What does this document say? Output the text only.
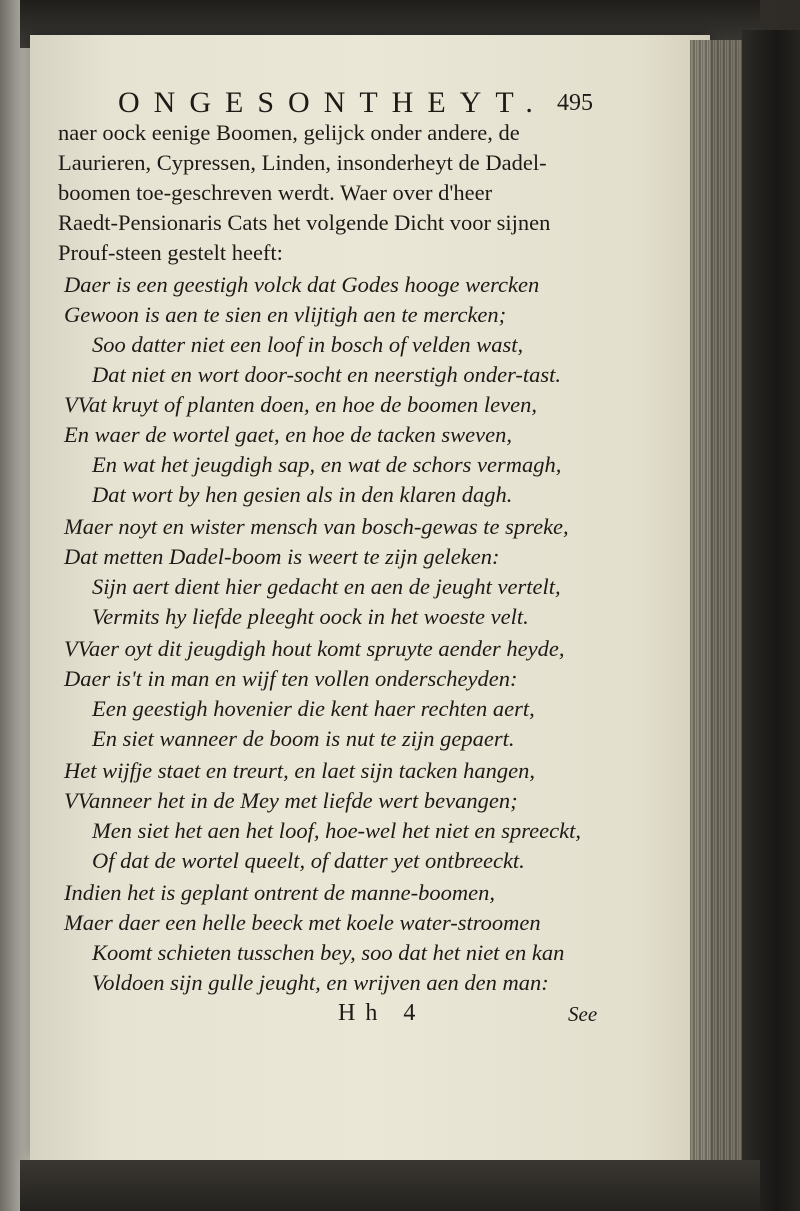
ONGESONTHEYT. 495
naer oock eenige Boomen, gelijck onder andere, de
Laurieren, Cypressen, Linden, insonderheyt de Dadel-
boomen toe-geschreven werdt. Waer over d'heer
Raedt-Pensionaris Cats het volgende Dicht voor sijnen
Prouf-steen gestelt heeft:
Daer is een geestigh volck dat Godes hooge wercken
Gewoon is aen te sien en vlijtigh aen te mercken;
Soo datter niet een loof in bosch of velden wast,
Dat niet en wort door-socht en neerstigh onder-tast.
VVat kruyt of planten doen, en hoe de boomen leven,
En waer de wortel gaet, en hoe de tacken sweven,
En wat het jeugdigh sap, en wat de schors vermagh,
Dat wort by hen gesien als in den klaren dagh.
Maer noyt en wister mensch van bosch-gewas te spreke,
Dat metten Dadel-boom is weert te zijn geleken:
Sijn aert dient hier gedacht en aen de jeught vertelt,
Vermits hy liefde pleeght oock in het woeste velt.
VVaer oyt dit jeugdigh hout komt spruyte aender heyde,
Daer is't in man en wijf ten vollen onderscheyden:
Een geestigh hovenier die kent haer rechten aert,
En siet wanneer de boom is nut te zijn gepaert.
Het wijfje staet en treurt, en laet sijn tacken hangen,
VVanneer het in de Mey met liefde wert bevangen;
Men siet het aen het loof, hoe-wel het niet en spreeckt,
Of dat de wortel queelt, of datter yet ontbreeckt.
Indien het is geplant ontrent de manne-boomen,
Maer daer een helle beeck met koele water-stroomen
Koomt schieten tusschen bey, soo dat het niet en kan
Voldoen sijn gulle jeught, en wrijven aen den man:
Hh 4	See
